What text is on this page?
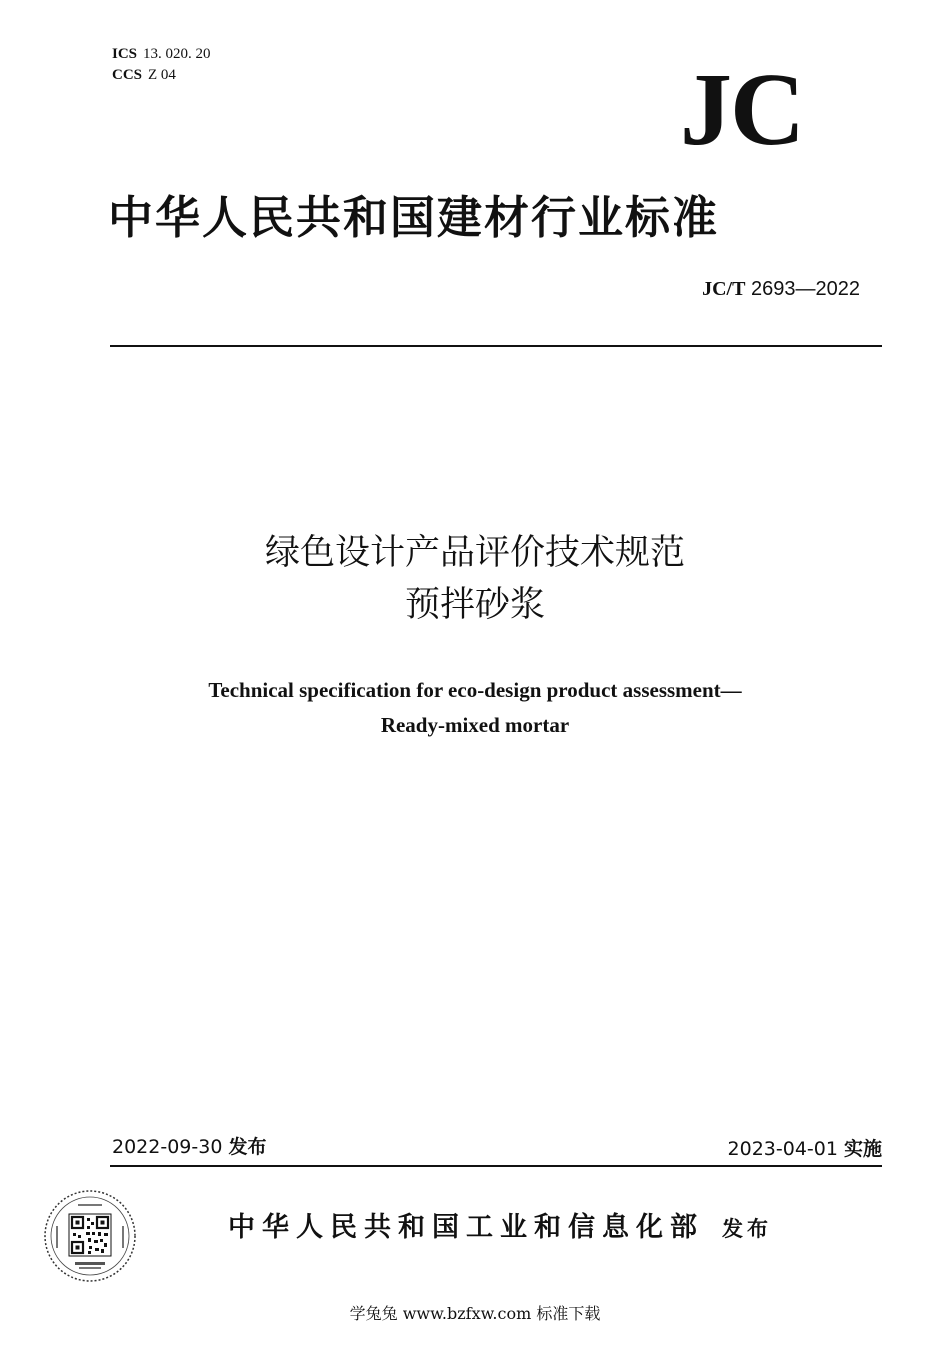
ICS 13. 020. 20
CCS Z 04	JC
中华人民共和国建材行业标准
JC/T 2693—2022
绿色设计产品评价技术规范
预拌砂浆
Technical specification for eco-design product assessment—
Ready-mixed mortar
2022-09-30 发布	2023-04-01 实施
中华人民共和国工业和信息化部 发布
学兔兔 www.bzfxw.com 标准下载
